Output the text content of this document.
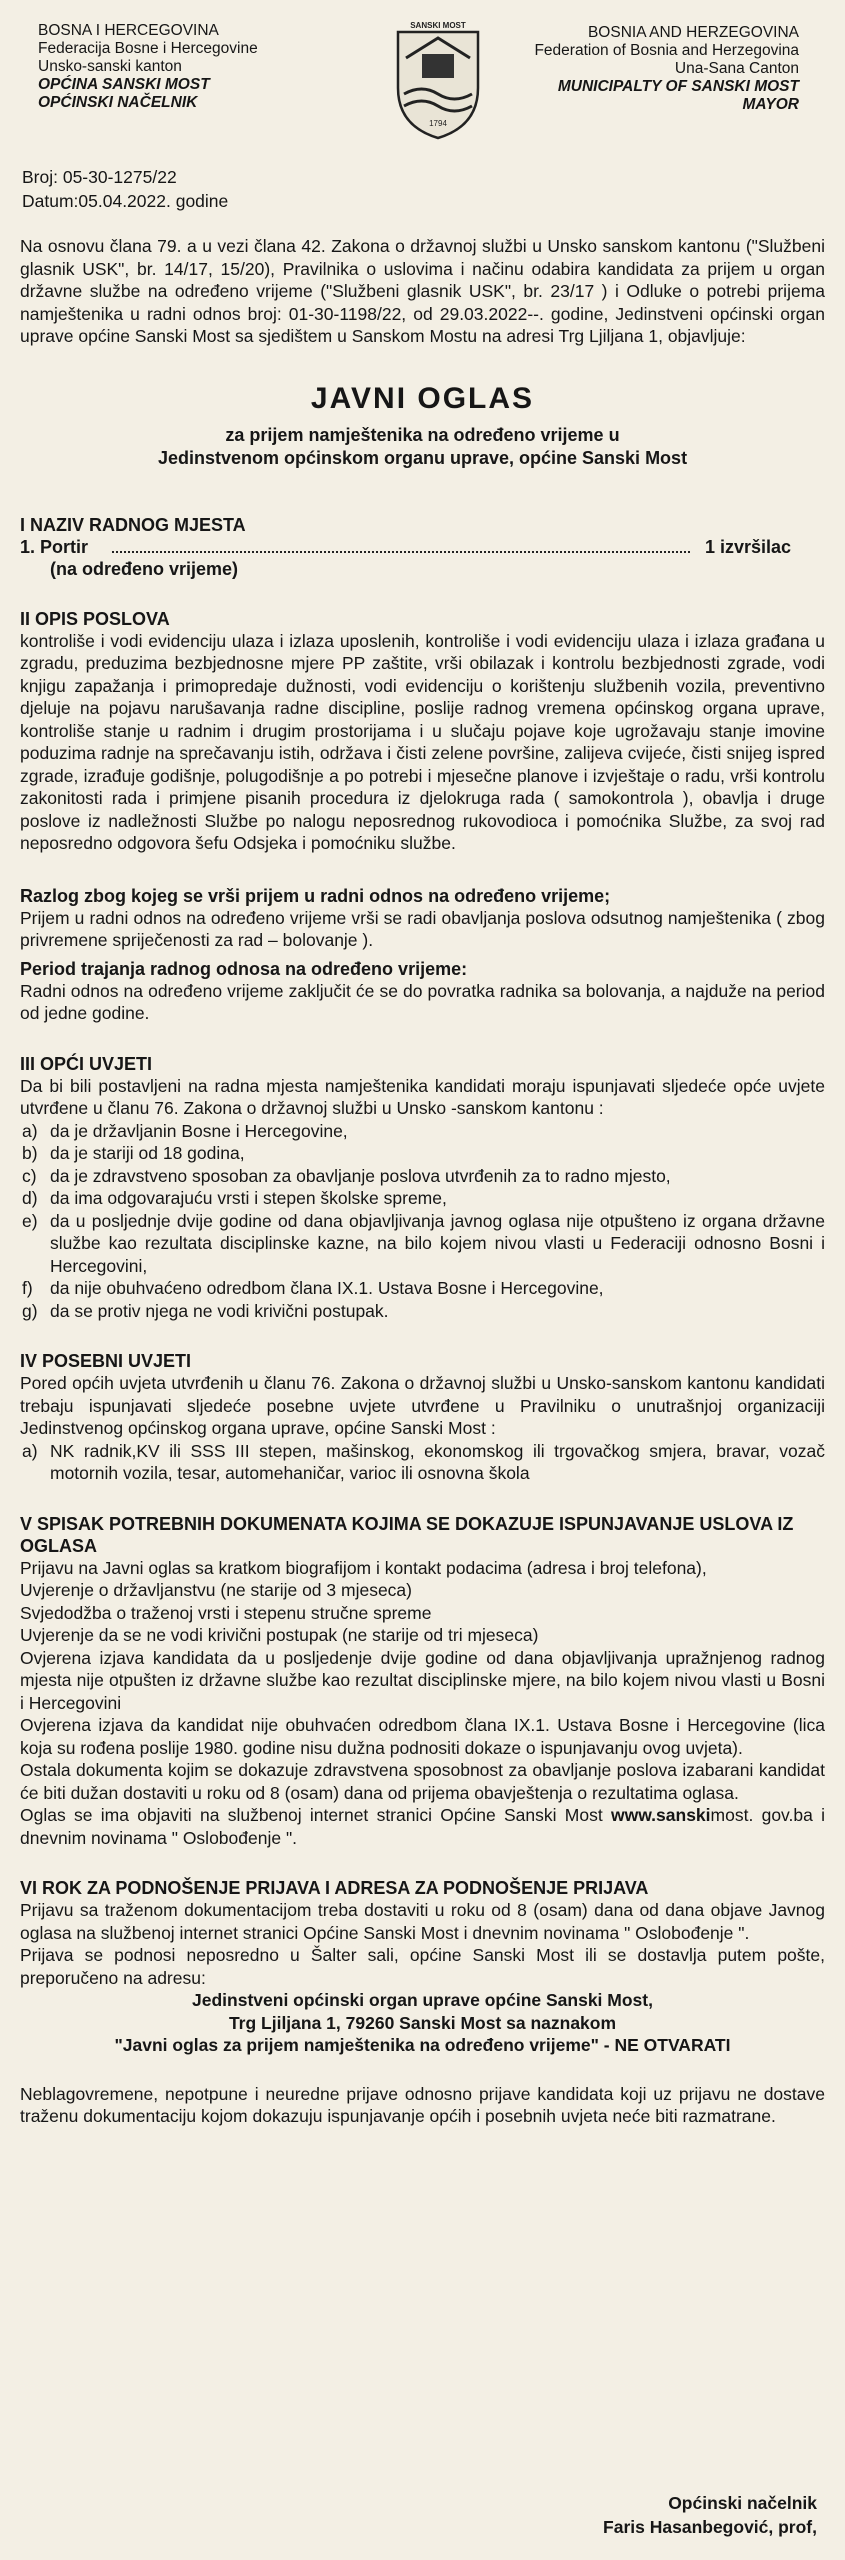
BOSNA I HERCEGOVINA
Federacija Bosne i Hercegovine
Unsko-sanski kanton
OPĆINA SANSKI MOST
OPĆINSKI NAČELNIK
SANSKI MOST
1794
BOSNIA AND HERZEGOVINA
Federation of Bosnia and Herzegovina
Una-Sana Canton
MUNICIPALTY OF SANSKI MOST
MAYOR
Broj: 05-30-1275/22
Datum:05.04.2022. godine

Na osnovu člana 79. a u vezi člana 42. Zakona o državnoj službi u Unsko sanskom kantonu ("Službeni glasnik USK", br. 14/17, 15/20), Pravilnika o uslovima i načinu odabira kandidata za prijem u organ državne službe na određeno vrijeme ("Službeni glasnik USK", br. 23/17 ) i Odluke o potrebi prijema namještenika u radni odnos broj: 01-30-1198/22, od 29.03.2022--. godine, Jedinstveni općinski organ uprave općine Sanski Most sa sjedištem u Sanskom Mostu na adresi Trg Ljiljana 1, objavljuje:

JAVNI OGLAS
za prijem namještenika na određeno vrijeme u
Jedinstvenom općinskom organu uprave, općine Sanski Most
I NAZIV RADNOG MJESTA
1. Portir	1 izvršilac
(na određeno vrijeme)
II OPIS POSLOVA

kontroliše i vodi evidenciju ulaza i izlaza uposlenih, kontroliše i vodi evidenciju ulaza i izlaza građana u zgradu, preduzima bezbjednosne mjere PP zaštite, vrši obilazak i kontrolu bezbjednosti zgrade, vodi knjigu zapažanja i primopredaje dužnosti, vodi evidenciju o korištenju službenih vozila, preventivno djeluje na pojavu narušavanja radne discipline, poslije radnog vremena općinskog organa uprave, kontroliše stanje u radnim i drugim prostorijama i u slučaju pojave koje ugrožavaju stanje imovine poduzima radnje na sprečavanju istih, održava i čisti zelene površine, zalijeva cvijeće, čisti snijeg ispred zgrade, izrađuje godišnje, polugodišnje a po potrebi i mjesečne planove i izvještaje o radu, vrši kontrolu zakonitosti rada i primjene pisanih procedura iz djelokruga rada ( samokontrola ), obavlja i druge poslove iz nadležnosti Službe po nalogu neposrednog rukovodioca i pomoćnika Službe, za svoj rad neposredno odgovora šefu Odsjeka i pomoćniku službe.

Razlog zbog kojeg se vrši prijem u radni odnos na određeno vrijeme;

Prijem u radni odnos na određeno vrijeme vrši se radi obavljanja poslova odsutnog namještenika ( zbog privremene spriječenosti za rad – bolovanje ).

Period trajanja radnog odnosa na određeno vrijeme:

Radni odnos na određeno vrijeme zaključit će se do povratka radnika sa bolovanja, a najduže na period od jedne godine.

III OPĆI UVJETI

Da bi bili postavljeni na radna mjesta namještenika kandidati moraju ispunjavati sljedeće opće uvjete utvrđene u članu 76. Zakona o državnoj službi u Unsko -sanskom kantonu :

a) da je državljanin Bosne i Hercegovine,
b) da je stariji od 18 godina,
c) da je zdravstveno sposoban za obavljanje poslova utvrđenih za to radno mjesto,
d) da ima odgovarajuću vrsti i stepen školske spreme,
e) da u posljednje dvije godine od dana objavljivanja javnog oglasa nije otpušteno iz organa državne službe kao rezultata disciplinske kazne, na bilo kojem nivou vlasti u Federaciji odnosno Bosni i Hercegovini,
f) da nije obuhvaćeno odredbom člana IX.1. Ustava Bosne i Hercegovine,
g) da se protiv njega ne vodi krivični postupak.
IV POSEBNI UVJETI

Pored općih uvjeta utvrđenih u članu 76. Zakona o državnoj službi u Unsko-sanskom kantonu kandidati trebaju ispunjavati sljedeće posebne uvjete utvrđene u Pravilniku o unutrašnjoj organizaciji Jedinstvenog općinskog organa uprave, općine Sanski Most :

a) NK radnik,KV ili SSS III stepen, mašinskog, ekonomskog ili trgovačkog smjera, bravar, vozač motornih vozila, tesar, automehaničar, varioc ili osnovna škola
V SPISAK POTREBNIH DOKUMENATA KOJIMA SE DOKAZUJE ISPUNJAVANJE USLOVA IZ OGLASA

Prijavu na Javni oglas sa kratkom biografijom i kontakt podacima (adresa i broj telefona),

Uvjerenje o državljanstvu (ne starije od 3 mjeseca)

Svjedodžba o traženoj vrsti i stepenu stručne spreme

Uvjerenje da se ne vodi krivični postupak (ne starije od tri mjeseca)

Ovjerena izjava kandidata da u posljedenje dvije godine od dana objavljivanja upražnjenog radnog mjesta nije otpušten iz državne službe kao rezultat disciplinske mjere, na bilo kojem nivou vlasti u Bosni i Hercegovini

Ovjerena izjava da kandidat nije obuhvaćen odredbom člana IX.1. Ustava Bosne i Hercegovine (lica koja su rođena poslije 1980. godine nisu dužna podnositi dokaze o ispunjavanju ovog uvjeta).

Ostala dokumenta kojim se dokazuje zdravstvena sposobnost za obavljanje poslova izabarani kandidat će biti dužan dostaviti u roku od 8 (osam) dana od prijema obavještenja o rezultatima oglasa.

Oglas se ima objaviti na službenoj internet stranici Općine Sanski Most www.sanskimost. gov.ba i dnevnim novinama " Oslobođenje ".

VI ROK ZA PODNOŠENJE PRIJAVA I ADRESA ZA PODNOŠENJE PRIJAVA

Prijavu sa traženom dokumentacijom treba dostaviti u roku od 8 (osam) dana od dana objave Javnog oglasa na službenoj internet stranici Općine Sanski Most i dnevnim novinama " Oslobođenje ".

Prijava se podnosi neposredno u Šalter sali, općine Sanski Most ili se dostavlja putem pošte, preporučeno na adresu:

Jedinstveni općinski organ uprave općine Sanski Most,
Trg Ljiljana 1, 79260 Sanski Most sa naznakom
"Javni oglas za prijem namještenika na određeno vrijeme" - NE OTVARATI

Neblagovremene, nepotpune i neuredne prijave odnosno prijave kandidata koji uz prijavu ne dostave traženu dokumentaciju kojom dokazuju ispunjavanje općih i posebnih uvjeta neće biti razmatrane.

Općinski načelnik
Faris Hasanbegović, prof,
